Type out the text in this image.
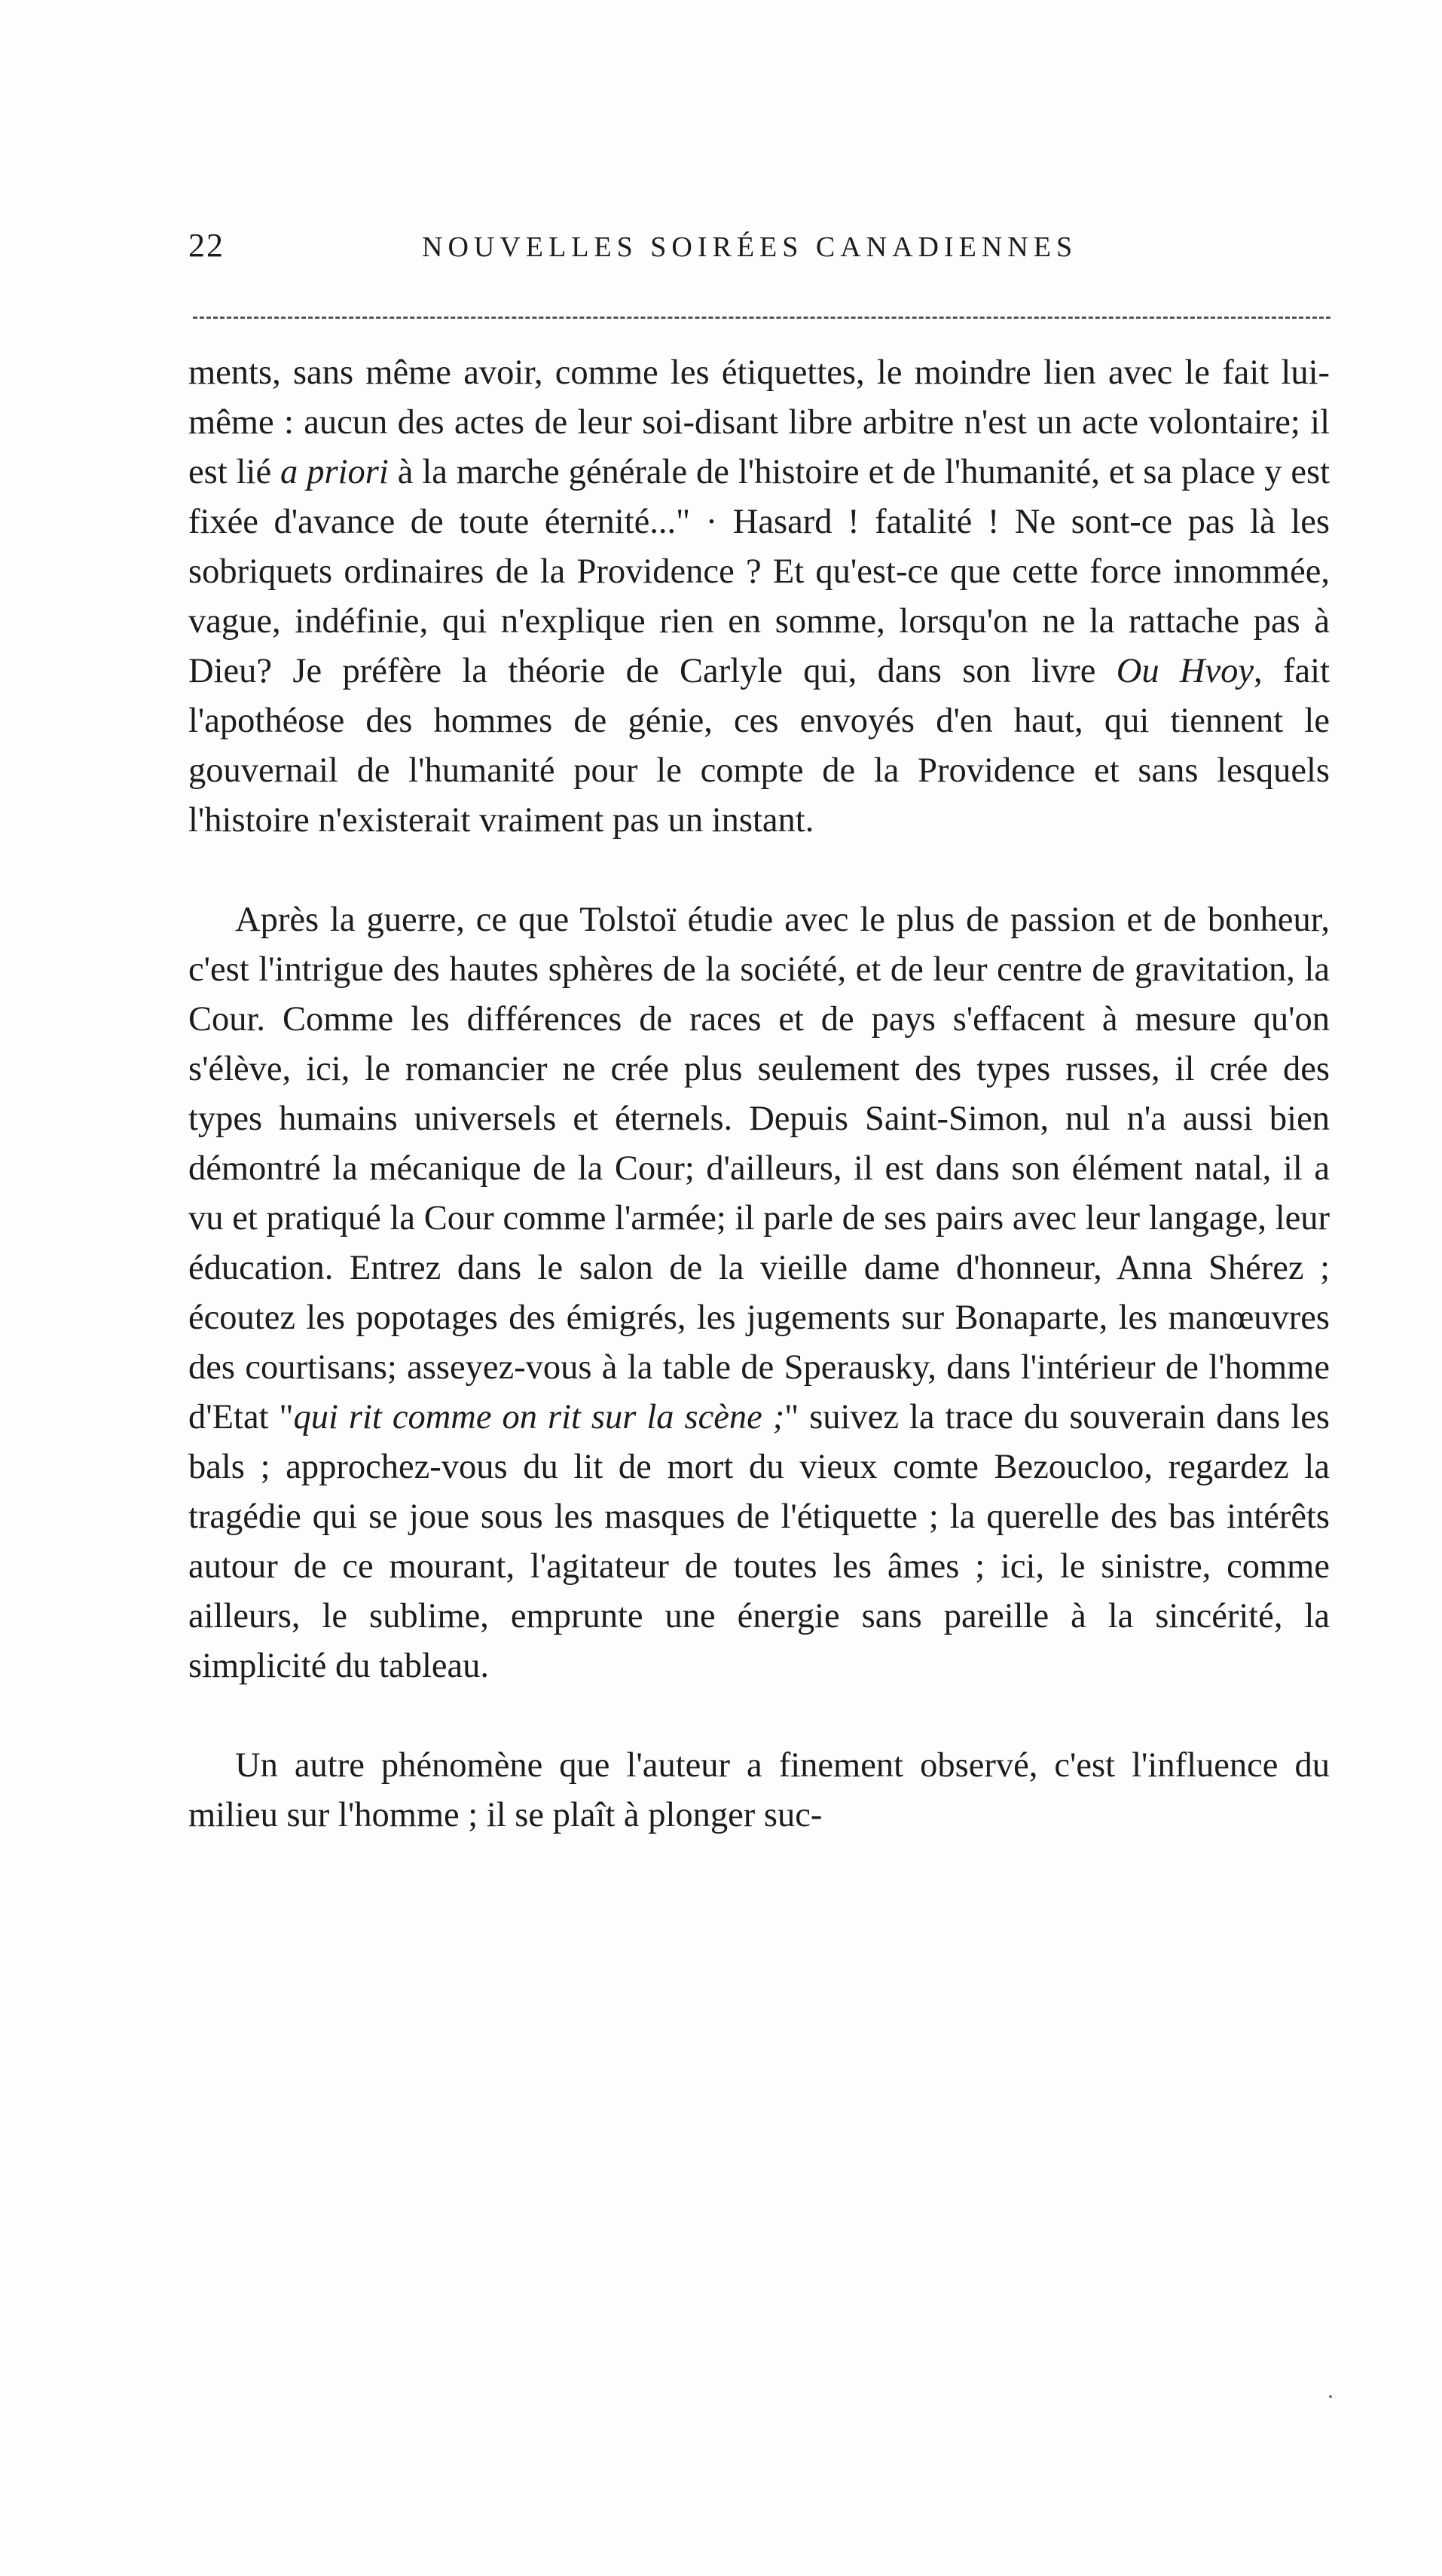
22	NOUVELLES SOIRÉES CANADIENNES

ments, sans même avoir, comme les étiquettes, le moindre lien avec le fait lui-même : aucun des actes de leur soi-disant libre arbitre n'est un acte volontaire; il est lié a priori à la marche générale de l'histoire et de l'humanité, et sa place y est fixée d'avance de toute éternité..." · Hasard ! fatalité ! Ne sont-ce pas là les sobriquets ordinaires de la Providence ? Et qu'est-ce que cette force innommée, vague, indéfinie, qui n'explique rien en somme, lorsqu'on ne la rattache pas à Dieu? Je préfère la théorie de Carlyle qui, dans son livre Ou Hvoy, fait l'apothéose des hommes de génie, ces envoyés d'en haut, qui tiennent le gouvernail de l'humanité pour le compte de la Providence et sans lesquels l'histoire n'existerait vraiment pas un instant.

Après la guerre, ce que Tolstoï étudie avec le plus de passion et de bonheur, c'est l'intrigue des hautes sphères de la société, et de leur centre de gravitation, la Cour. Comme les différences de races et de pays s'effacent à mesure qu'on s'élève, ici, le romancier ne crée plus seulement des types russes, il crée des types humains universels et éternels. Depuis Saint-Simon, nul n'a aussi bien démontré la mécanique de la Cour; d'ailleurs, il est dans son élément natal, il a vu et pratiqué la Cour comme l'armée; il parle de ses pairs avec leur langage, leur éducation. Entrez dans le salon de la vieille dame d'honneur, Anna Shérez ; écoutez les popotages des émigrés, les jugements sur Bonaparte, les manœuvres des courtisans; asseyez-vous à la table de Sperausky, dans l'intérieur de l'homme d'Etat "qui rit comme on rit sur la scène ;" suivez la trace du souverain dans les bals ; approchez-vous du lit de mort du vieux comte Bezoucloo, regardez la tragédie qui se joue sous les masques de l'étiquette ; la querelle des bas intérêts autour de ce mourant, l'agitateur de toutes les âmes ; ici, le sinistre, comme ailleurs, le sublime, emprunte une énergie sans pareille à la sincérité, la simplicité du tableau.

Un autre phénomène que l'auteur a finement observé, c'est l'influence du milieu sur l'homme ; il se plaît à plonger suc-
